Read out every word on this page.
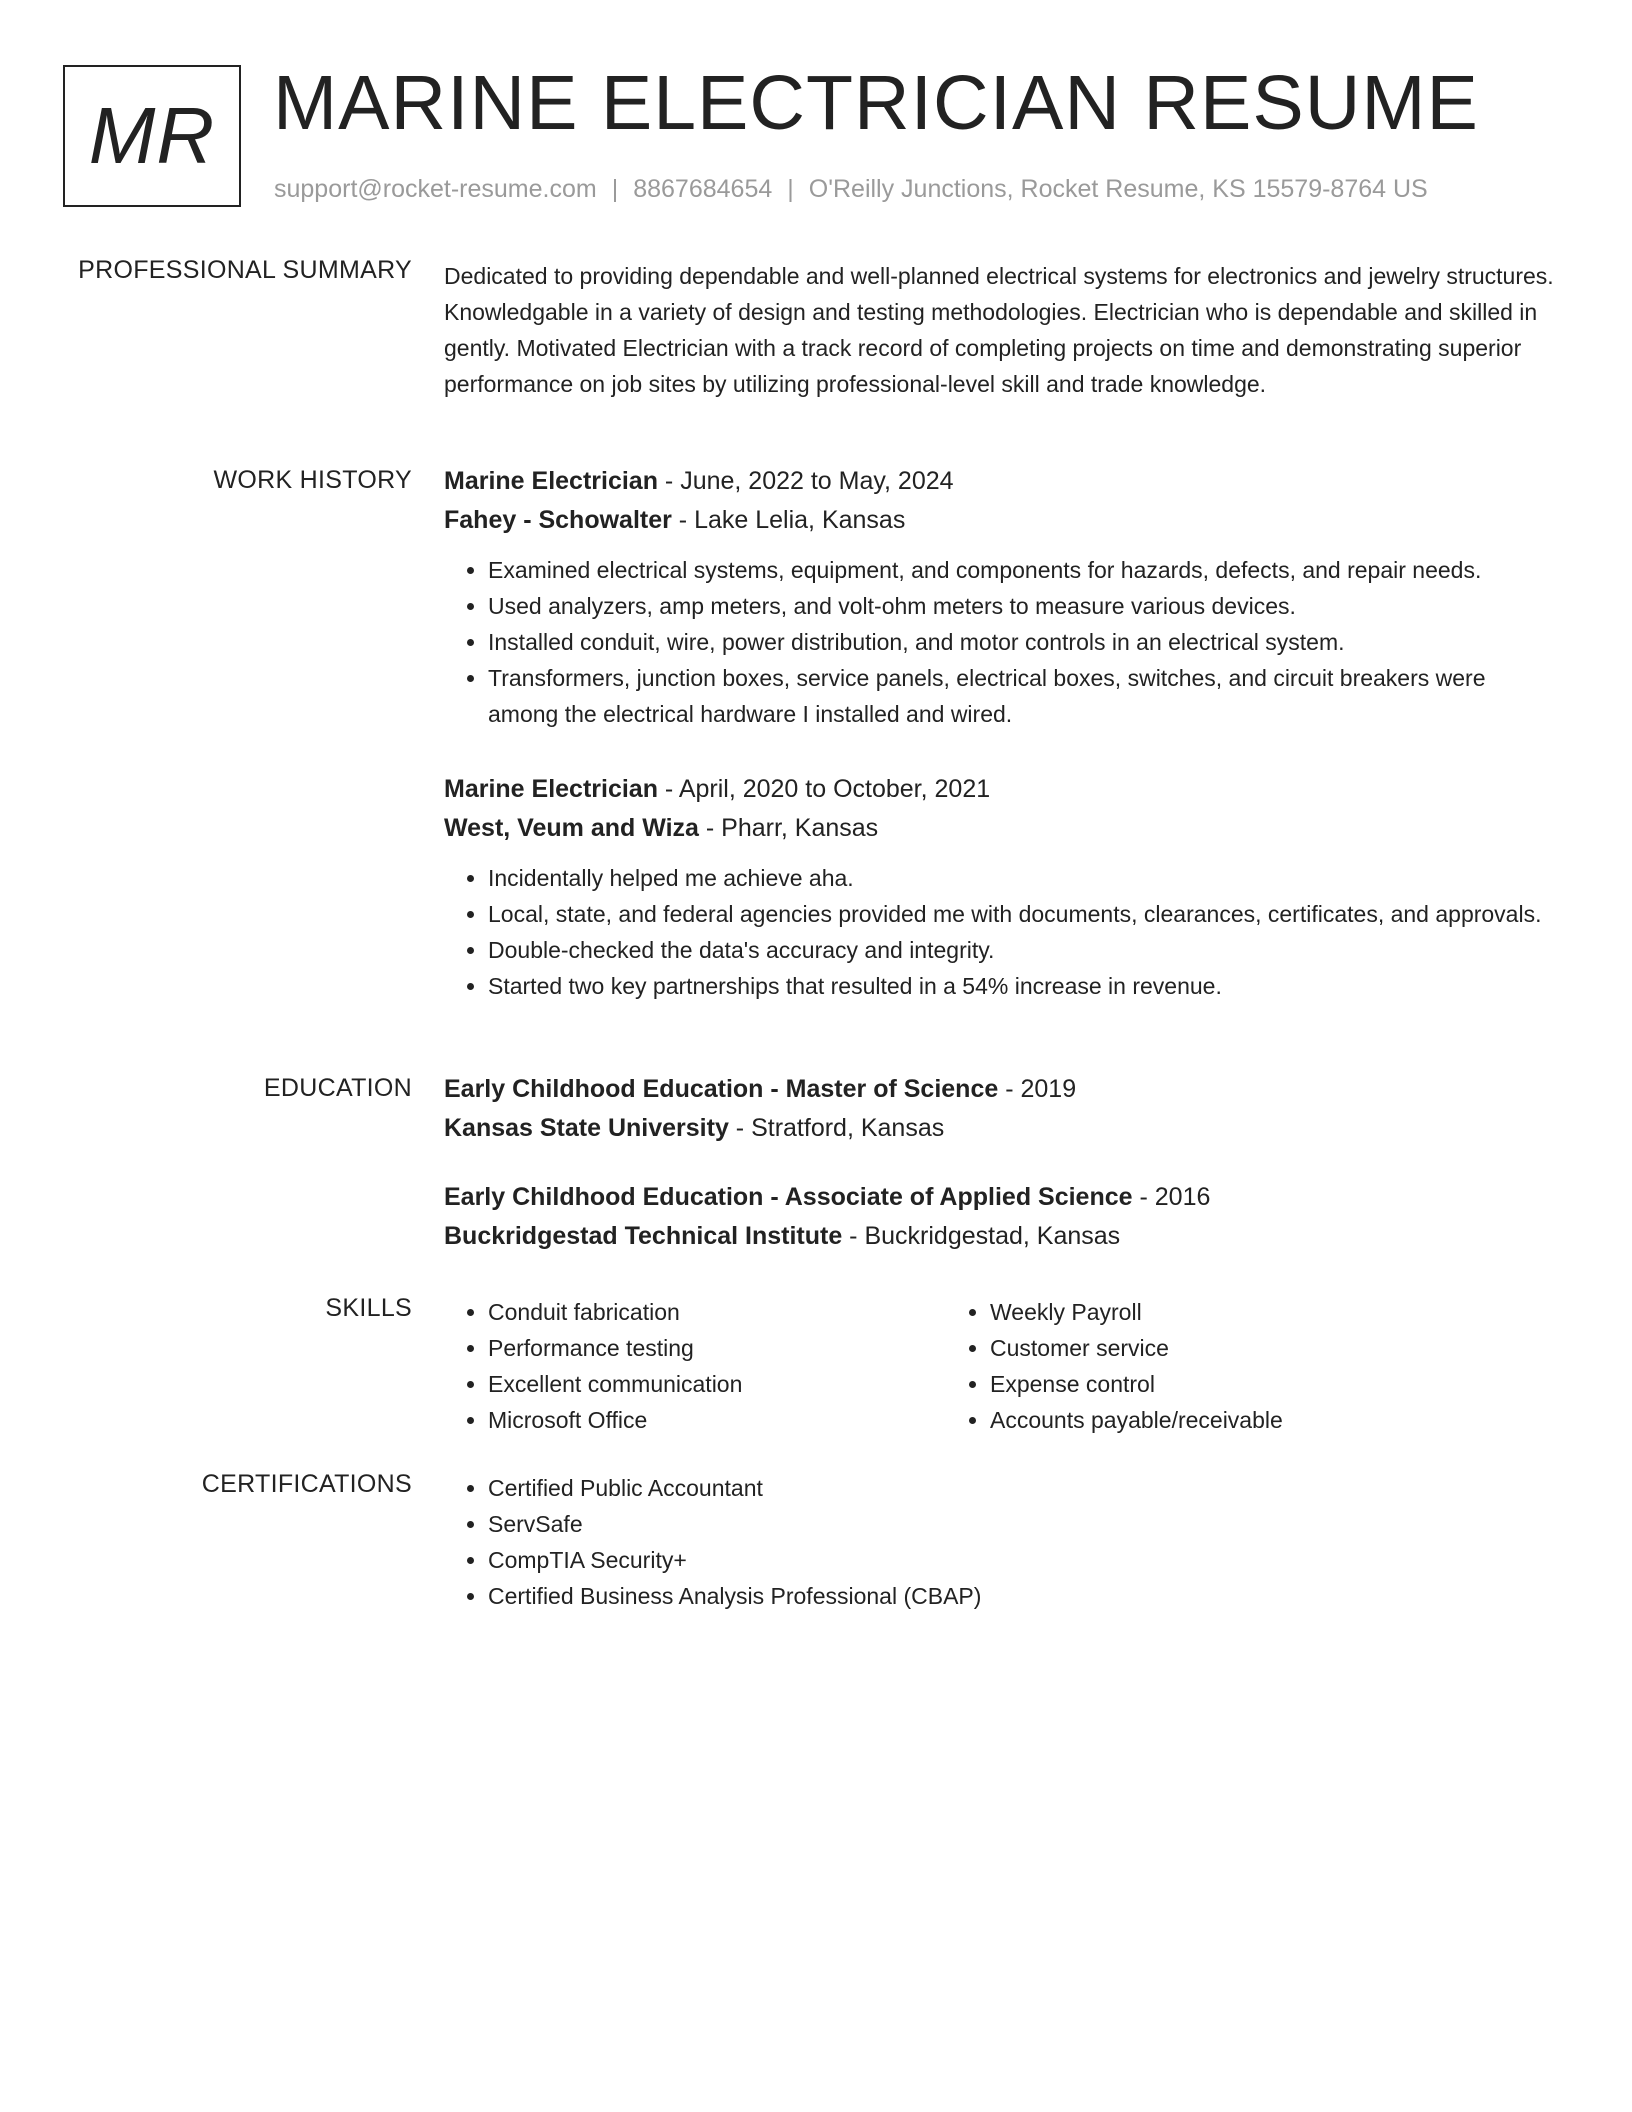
MR MARINE ELECTRICIAN RESUME
support@rocket-resume.com | 8867684654 | O'Reilly Junctions, Rocket Resume, KS 15579-8764 US
PROFESSIONAL SUMMARY Dedicated to providing dependable and well-planned electrical systems for electronics and jewelry structures. Knowledgable in a variety of design and testing methodologies. Electrician who is dependable and skilled in gently. Motivated Electrician with a track record of completing projects on time and demonstrating superior performance on job sites by utilizing professional-level skill and trade knowledge.

WORK HISTORY Marine Electrician - June, 2022 to May, 2024
Fahey - Schowalter - Lake Lelia, Kansas
• Examined electrical systems, equipment, and components for hazards, defects, and repair needs.
• Used analyzers, amp meters, and volt-ohm meters to measure various devices.
• Installed conduit, wire, power distribution, and motor controls in an electrical system.
• Transformers, junction boxes, service panels, electrical boxes, switches, and circuit breakers were among the electrical hardware I installed and wired.
Marine Electrician - April, 2020 to October, 2021
West, Veum and Wiza - Pharr, Kansas
• Incidentally helped me achieve aha.
• Local, state, and federal agencies provided me with documents, clearances, certificates, and approvals.
• Double-checked the data's accuracy and integrity.
• Started two key partnerships that resulted in a 54% increase in revenue.
EDUCATION Early Childhood Education - Master of Science - 2019
Kansas State University - Stratford, Kansas
Early Childhood Education - Associate of Applied Science - 2016
Buckridgestad Technical Institute - Buckridgestad, Kansas
SKILLS	• Conduit fabrication
• Performance testing
• Excellent communication
• Microsoft Office
• Weekly Payroll
• Customer service
• Expense control
• Accounts payable/receivable
CERTIFICATIONS	• Certified Public Accountant
• ServSafe
• CompTIA Security+
• Certified Business Analysis Professional (CBAP)
